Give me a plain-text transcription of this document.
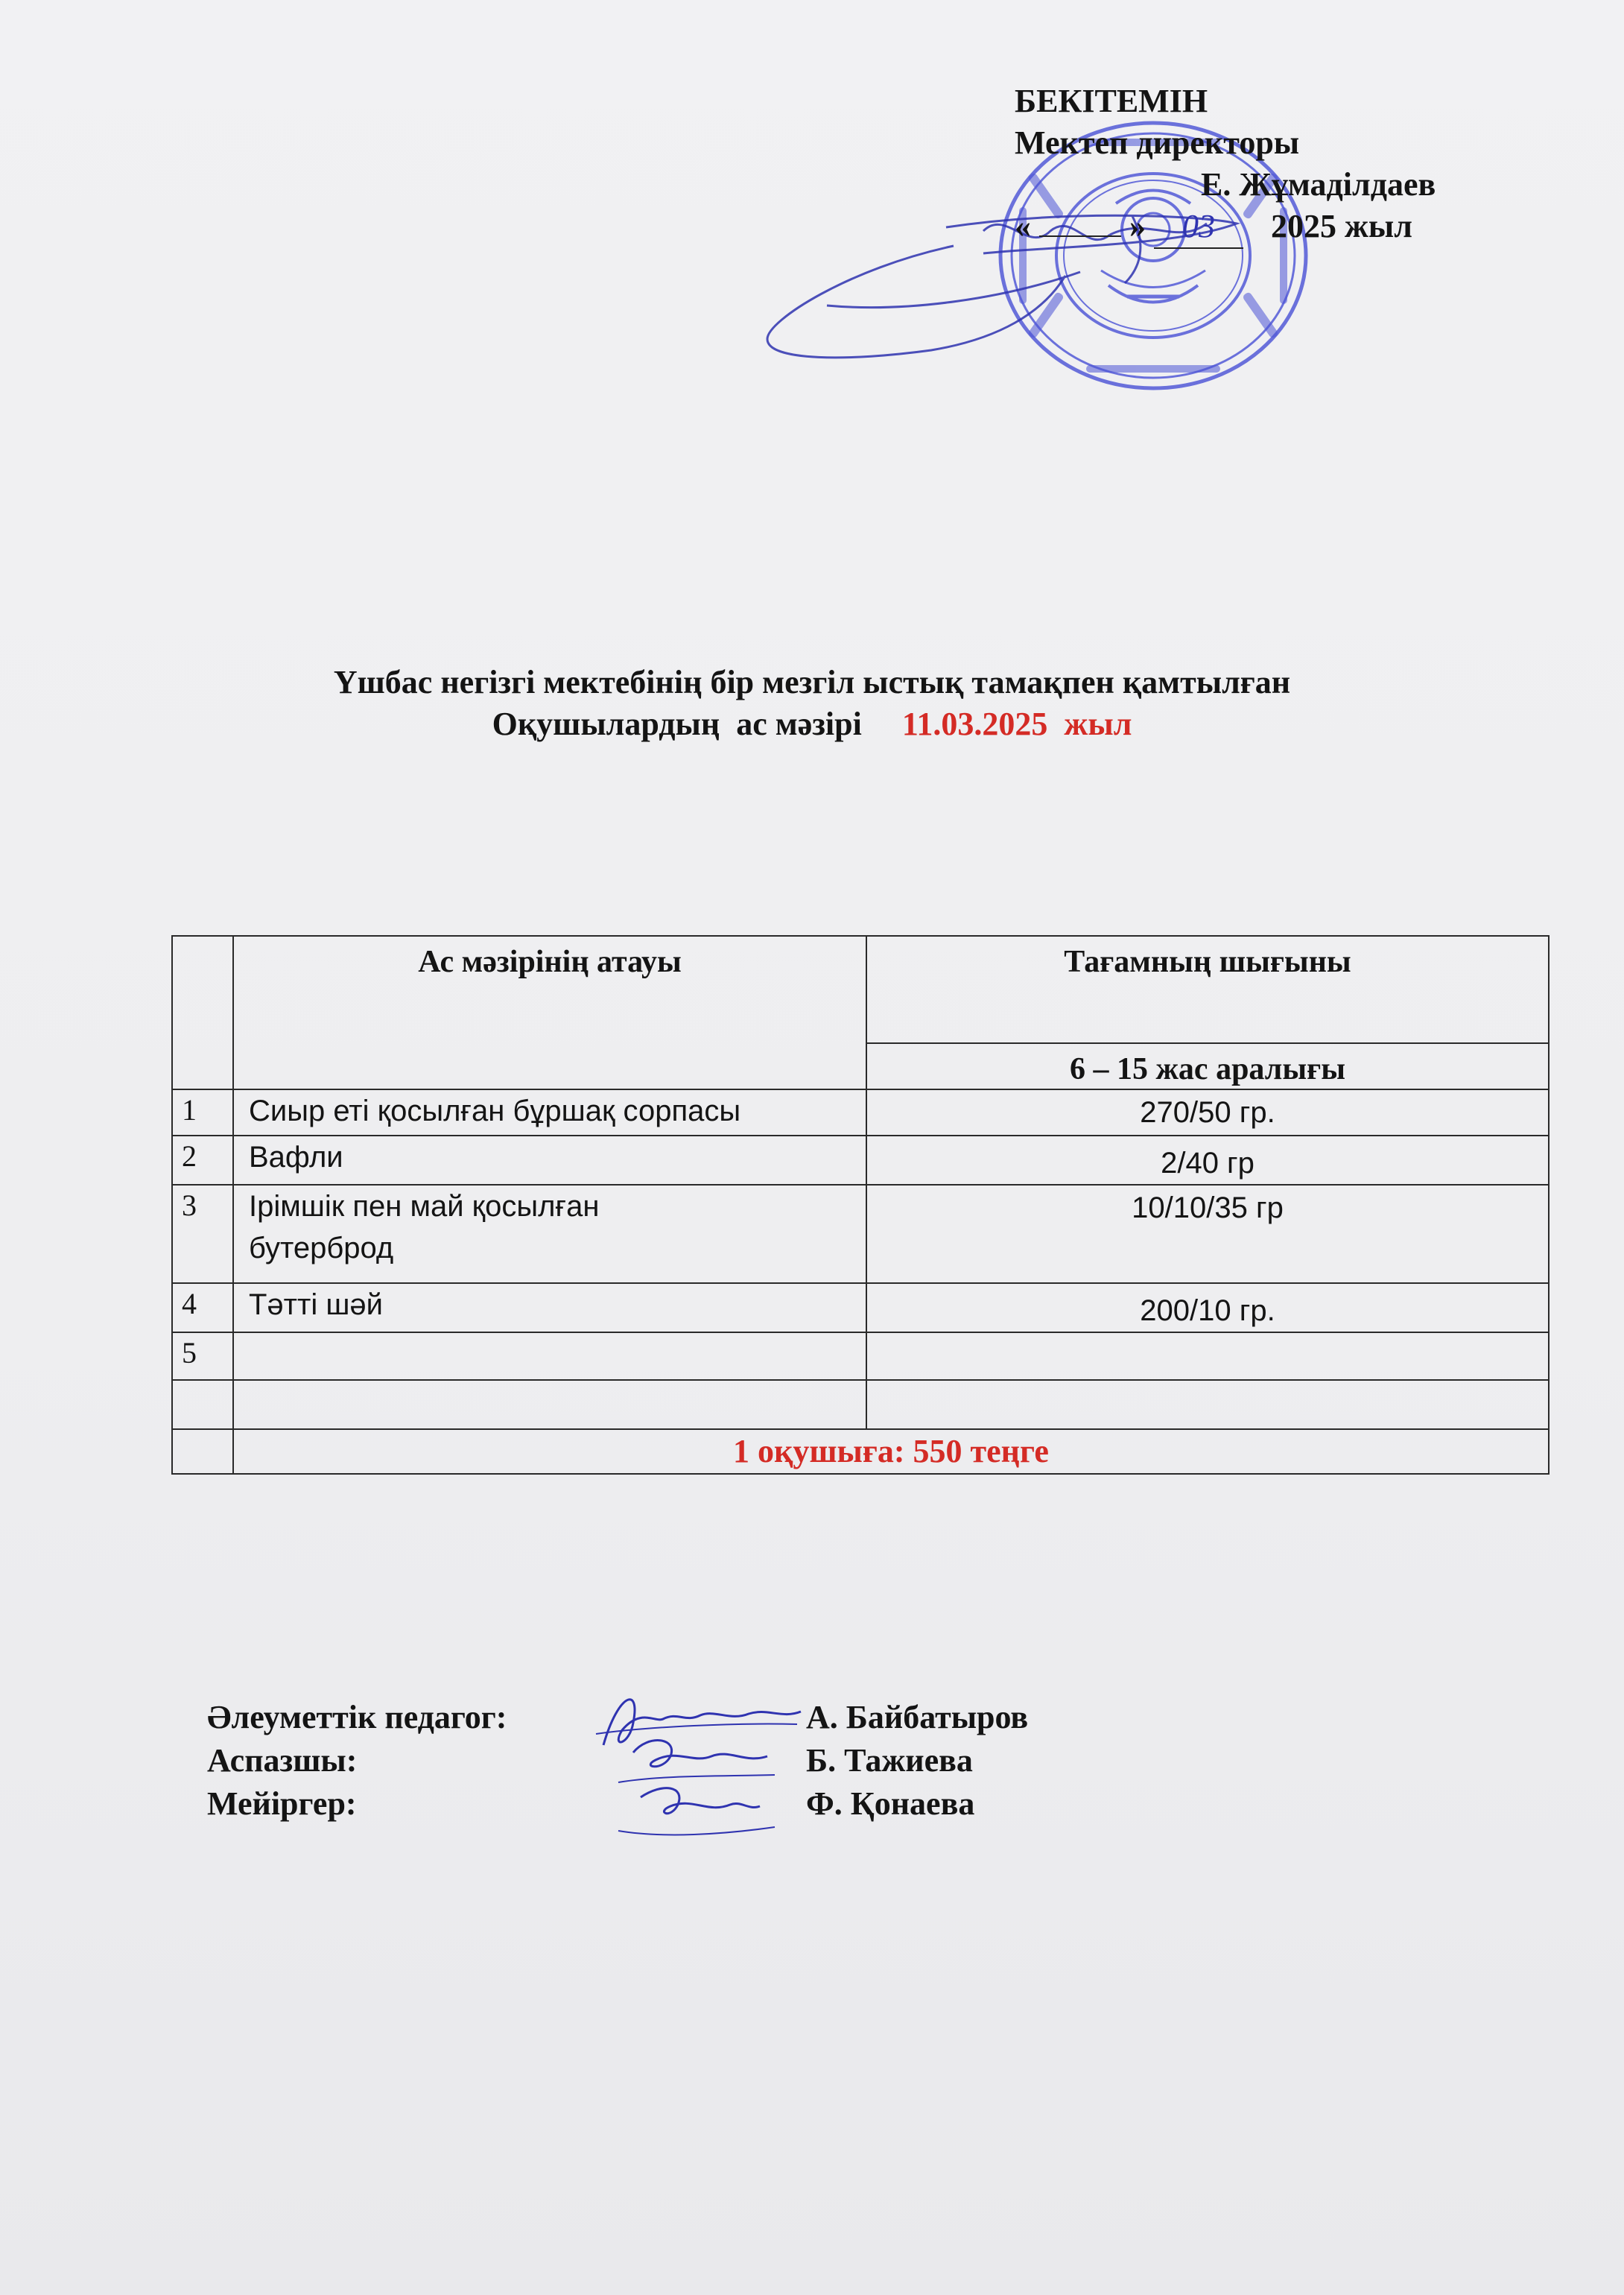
БЕКІТЕМІН
Мектеп директоры
Е. Жұмаділдаев
«	» 03 2025 жыл
Үшбас негізгі мектебінің бір мезгіл ыстық тамақпен қамтылған
Оқушылардың  ас мәзірі 11.03.2025  жыл
	Ас мәзірінің атауы	Тағамның шығыны
		6 – 15 жас аралығы
1	Сиыр еті қосылған бұршақ сорпасы	270/50 гр.
2	Вафли	2/40 гр
3	Ірімшік пен май қосылған бутерброд	10/10/35 гр
4	Тәтті шәй	200/10 гр.
5		

	1 оқушыға: 550 теңге	
Әлеуметтік педагог:	А. Байбатыров
Аспазшы:	Б. Тажиева
Мейіргер:	Ф. Қонаева
